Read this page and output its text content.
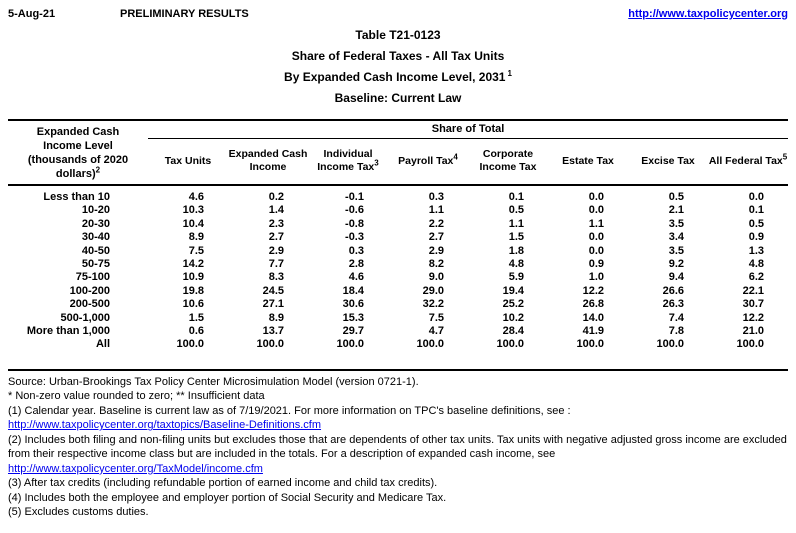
5-Aug-21	PRELIMINARY RESULTS	http://www.taxpolicycenter.org
Table T21-0123
Share of Federal Taxes - All Tax Units
By Expanded Cash Income Level, 2031 $^1$
Baseline: Current Law
Expanded Cash Income Level (thousands of 2020 dollars)$^2$	Share of Total							
	Tax Units	Expanded Cash Income	Individual Income Tax$^3$	Payroll Tax$^4$	Corporate Income Tax	Estate Tax	Excise Tax	All Federal Tax$^5$
Less than 10	4.6	0.2	-0.1	0.3	0.1	0.0	0.5	0.0
10-20	10.3	1.4	-0.6	1.1	0.5	0.0	2.1	0.1
20-30	10.4	2.3	-0.8	2.2	1.1	1.1	3.5	0.5
30-40	8.9	2.7	-0.3	2.7	1.5	0.0	3.4	0.9
40-50	7.5	2.9	0.3	2.9	1.8	0.0	3.5	1.3
50-75	14.2	7.7	2.8	8.2	4.8	0.9	9.2	4.8
75-100	10.9	8.3	4.6	9.0	5.9	1.0	9.4	6.2
100-200	19.8	24.5	18.4	29.0	19.4	12.2	26.6	22.1
200-500	10.6	27.1	30.6	32.2	25.2	26.8	26.3	30.7
500-1,000	1.5	8.9	15.3	7.5	10.2	14.0	7.4	12.2
More than 1,000	0.6	13.7	29.7	4.7	28.4	41.9	7.8	21.0
All	100.0	100.0	100.0	100.0	100.0	100.0	100.0	100.0
Source: Urban-Brookings Tax Policy Center Microsimulation Model (version 0721-1).
* Non-zero value rounded to zero; ** Insufficient data
(1) Calendar year. Baseline is current law as of 7/19/2021. For more information on TPC's baseline definitions, see :
http://www.taxpolicycenter.org/taxtopics/Baseline-Definitions.cfm
(2) Includes both filing and non-filing units but excludes those that are dependents of other tax units. Tax units with negative adjusted gross income are excluded from their respective income class but are included in the totals. For a description of expanded cash income, see
http://www.taxpolicycenter.org/TaxModel/income.cfm
(3) After tax credits (including refundable portion of earned income and child tax credits).
(4) Includes both the employee and employer portion of Social Security and Medicare Tax.
(5) Excludes customs duties.
